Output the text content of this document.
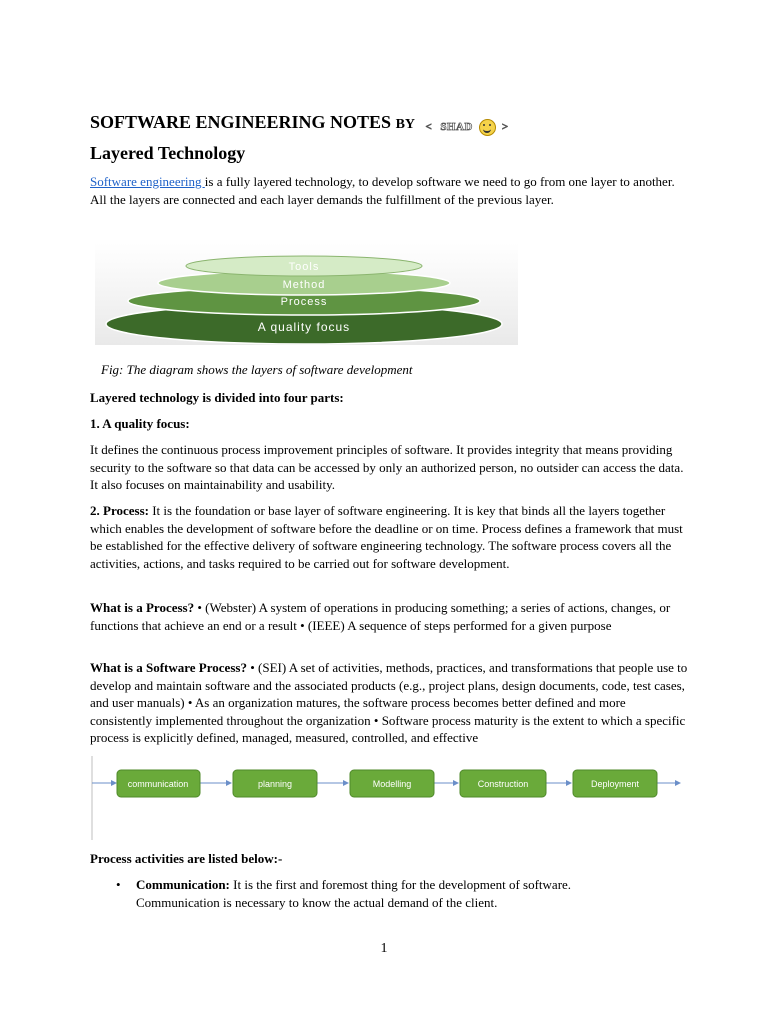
SOFTWARE ENGINEERING NOTES BY < SHAD	>
Layered Technology
Software engineering is a fully layered technology, to develop software we need to go from one layer to another. All the layers are connected and each layer demands the fulfillment of the previous layer.
Tools
Method
Process
A quality focus
Fig: The diagram shows the layers of software development
Layered technology is divided into four parts:
1. A quality focus:
It defines the continuous process improvement principles of software. It provides integrity that means providing security to the software so that data can be accessed by only an authorized person, no outsider can access the data. It also focuses on maintainability and usability.
2. Process: It is the foundation or base layer of software engineering. It is key that binds all the layers together which enables the development of software before the deadline or on time. Process defines a framework that must be established for the effective delivery of software engineering technology. The software process covers all the activities, actions, and tasks required to be carried out for software development.
What is a Process? • (Webster) A system of operations in producing something; a series of actions, changes, or functions that achieve an end or a result • (IEEE) A sequence of steps performed for a given purpose
What is a Software Process? • (SEI) A set of activities, methods, practices, and transformations that people use to develop and maintain software and the associated products (e.g., project plans, design documents, code, test cases, and user manuals) • As an organization matures, the software process becomes better defined and more consistently implemented throughout the organization • Software process maturity is the extent to which a specific process is explicitly defined, managed, measured, controlled, and effective
communication	planning	Modelling	Construction	Deployment
Process activities are listed below:-
• Communication: It is the first and foremost thing for the development of software. Communication is necessary to know the actual demand of the client.
1
